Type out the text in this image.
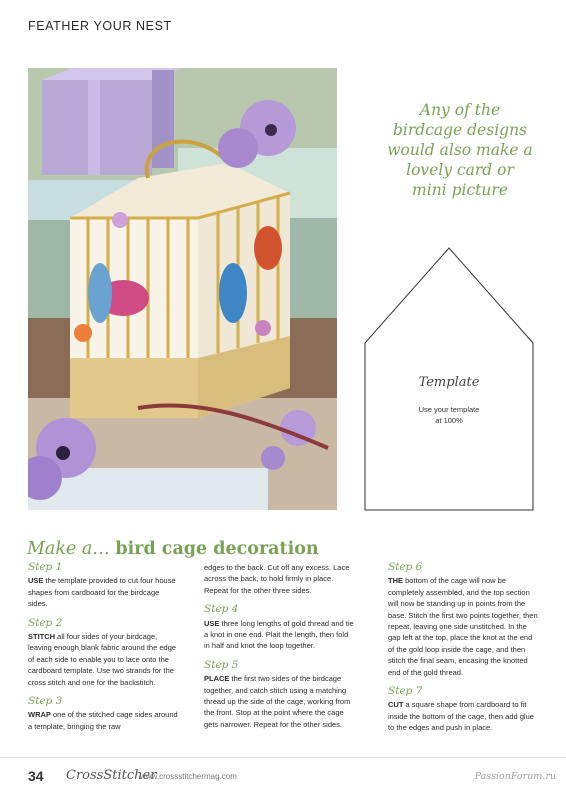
FEATHER YOUR NEST
Any of the
birdcage designs
would also make a
lovely card or
mini picture
Template
Use your template
at 100%
Make a… bird cage decoration
Step 1

USE the template provided to cut four house shapes from cardboard for the birdcage sides.

Step 2

STITCH all four sides of your birdcage, leaving enough blank fabric around the edge of each side to enable you to lace onto the cardboard template. Use two strands for the cross stitch and one for the backstitch.

Step 3

WRAP one of the stitched cage sides around a template, bringing the raw

edges to the back. Cut off any excess. Lace across the back, to hold firmly in place. Repeat for the other three sides.

Step 4

USE three long lengths of gold thread and tie a knot in one end. Plait the length, then fold in half and knot the loop together.

Step 5

PLACE the first two sides of the birdcage together, and catch stitch using a matching thread up the side of the cage, working from the front. Stop at the point where the cage gets narrower. Repeat for the other sides.

Step 6

THE bottom of the cage will now be completely assembled, and the top section will now be standing up in points from the base. Stitch the first two points together, then repeat, leaving one side unstitched. In the gap left at the top, place the knot at the end of the gold loop inside the cage, and then stitch the final seam, encasing the knotted end of the gold thread.

Step 7

CUT a square shape from cardboard to fit inside the bottom of the cage, then add glue to the edges and push in place.

34 CrossStitcher
www.crossstitchermag.com	PassionForum.ru
